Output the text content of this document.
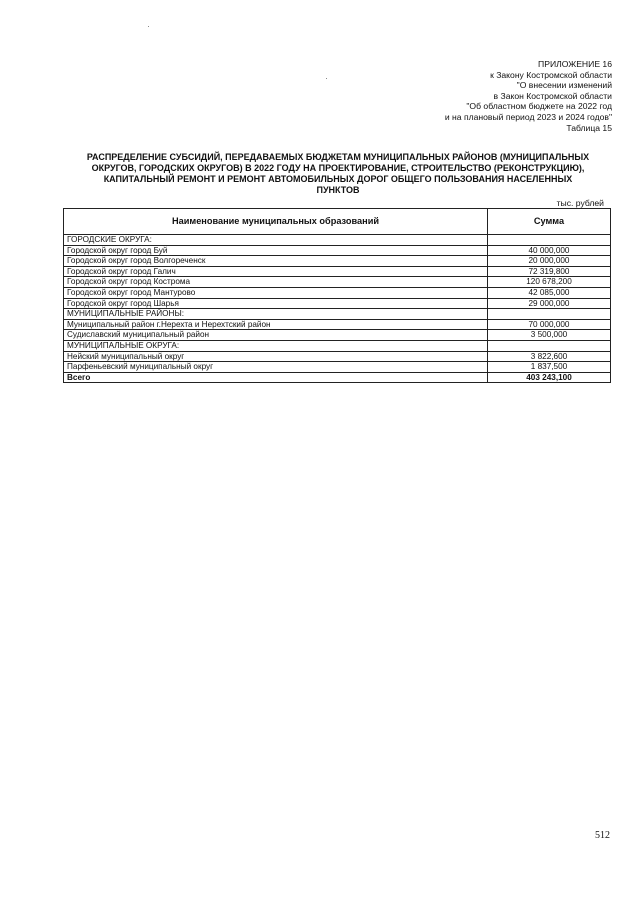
ПРИЛОЖЕНИЕ 16
к Закону Костромской области
"О внесении изменений
в Закон Костромской области
"Об областном бюджете на 2022 год
и на плановый период 2023 и 2024 годов"
Таблица 15
РАСПРЕДЕЛЕНИЕ СУБСИДИЙ, ПЕРЕДАВАЕМЫХ БЮДЖЕТАМ МУНИЦИПАЛЬНЫХ РАЙОНОВ (МУНИЦИПАЛЬНЫХ
ОКРУГОВ, ГОРОДСКИХ ОКРУГОВ) В 2022 ГОДУ НА ПРОЕКТИРОВАНИЕ, СТРОИТЕЛЬСТВО (РЕКОНСТРУКЦИЮ),
КАПИТАЛЬНЫЙ РЕМОНТ И РЕМОНТ АВТОМОБИЛЬНЫХ ДОРОГ ОБЩЕГО ПОЛЬЗОВАНИЯ НАСЕЛЕННЫХ
ПУНКТОВ
тыс. рублей
Наименование муниципальных образований	Сумма
ГОРОДСКИЕ ОКРУГА:	
Городской округ город Буй	40 000,000
Городской округ город Волгореченск	20 000,000
Городской округ город Галич	72 319,800
Городской округ город Кострома	120 678,200
Городской округ город Мантурово	42 085,000
Городской округ город Шарья	29 000,000
МУНИЦИПАЛЬНЫЕ РАЙОНЫ:	
Муниципальный район г.Нерехта и Нерехтский район	70 000,000
Судиславский муниципальный район	3 500,000
МУНИЦИПАЛЬНЫЕ ОКРУГА:	
Нейский муниципальный округ	3 822,600
Парфеньевский муниципальный округ	1 837,500
Всего	403 243,100
512
